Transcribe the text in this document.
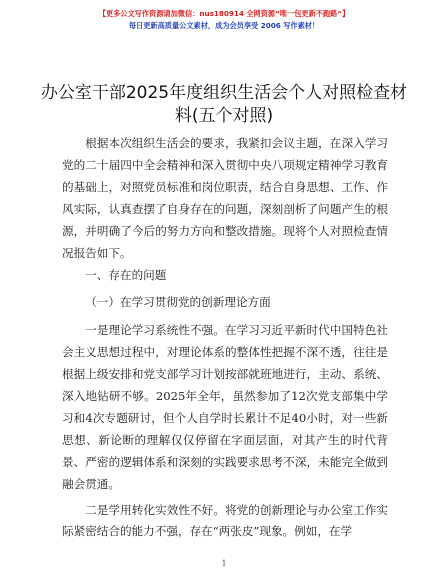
【更多公文写作资源请加微信：nus180914 全网资源“唯一包更新不跑路”】
每日更新高质量公文素材，成为会员享受 2006 写作素材！
办公室干部2025年度组织生活会个人对照检查材料(五个对照)

根据本次组织生活会的要求，我紧扣会议主题，在深入学习党的二十届四中全会精神和深入贯彻中央八项规定精神学习教育的基础上，对照党员标准和岗位职责，结合自身思想、工作、作风实际，认真查摆了自身存在的问题，深刻剖析了问题产生的根源，并明确了今后的努力方向和整改措施。现将个人对照检查情况报告如下。

一、存在的问题

（一）在学习贯彻党的创新理论方面

一是理论学习系统性不强。在学习习近平新时代中国特色社会主义思想过程中，对理论体系的整体性把握不深不透，往往是根据上级安排和党支部学习计划按部就班地进行，主动、系统、深入地钻研不够。2025年全年，虽然参加了12次党支部集中学习和4次专题研讨，但个人自学时长累计不足40小时，对一些新思想、新论断的理解仅仅停留在字面层面，对其产生的时代背景、严密的逻辑体系和深刻的实践要求思考不深，未能完全做到融会贯通。

二是学用转化实效性不好。将党的创新理论与办公室工作实际紧密结合的能力不强，存在“两张皮”现象。例如，在学

1
